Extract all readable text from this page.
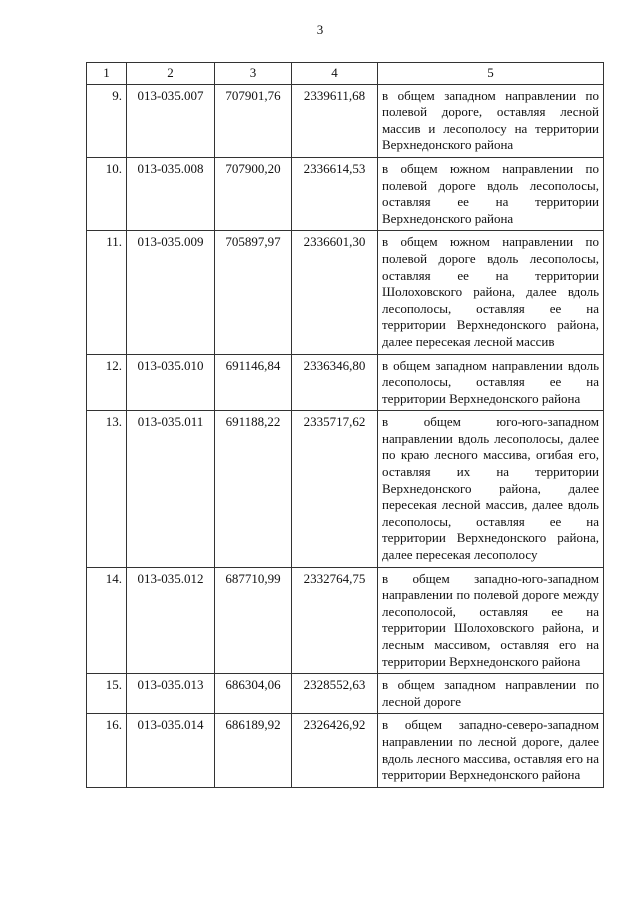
3
1	2	3	4	5
9.	013-035.007	707901,76	2339611,68	в общем западном направлении по полевой дороге, оставляя лесной массив и лесополосу на территории Верхнедонского района
10.	013-035.008	707900,20	2336614,53	в общем южном направлении по полевой дороге вдоль лесополосы, оставляя ее на территории Верхнедонского района
11.	013-035.009	705897,97	2336601,30	в общем южном направлении по полевой дороге вдоль лесополосы, оставляя ее на территории Шолоховского района, далее вдоль лесополосы, оставляя ее на территории Верхнедонского района, далее пересекая лесной массив
12.	013-035.010	691146,84	2336346,80	в общем западном направлении вдоль лесополосы, оставляя ее на территории Верхнедонского района
13.	013-035.011	691188,22	2335717,62	в общем юго-юго-западном направлении вдоль лесополосы, далее по краю лесного массива, огибая его, оставляя их на территории Верхнедонского района, далее пересекая лесной массив, далее вдоль лесополосы, оставляя ее на территории Верхнедонского района, далее пересекая лесополосу
14.	013-035.012	687710,99	2332764,75	в общем западно-юго-западном направлении по полевой дороге между лесополосой, оставляя ее на территории Шолоховского района, и лесным массивом, оставляя его на территории Верхнедонского района
15.	013-035.013	686304,06	2328552,63	в общем западном направлении по лесной дороге
16.	013-035.014	686189,92	2326426,92	в общем западно-северо-западном направлении по лесной дороге, далее вдоль лесного массива, оставляя его на территории Верхнедонского района
